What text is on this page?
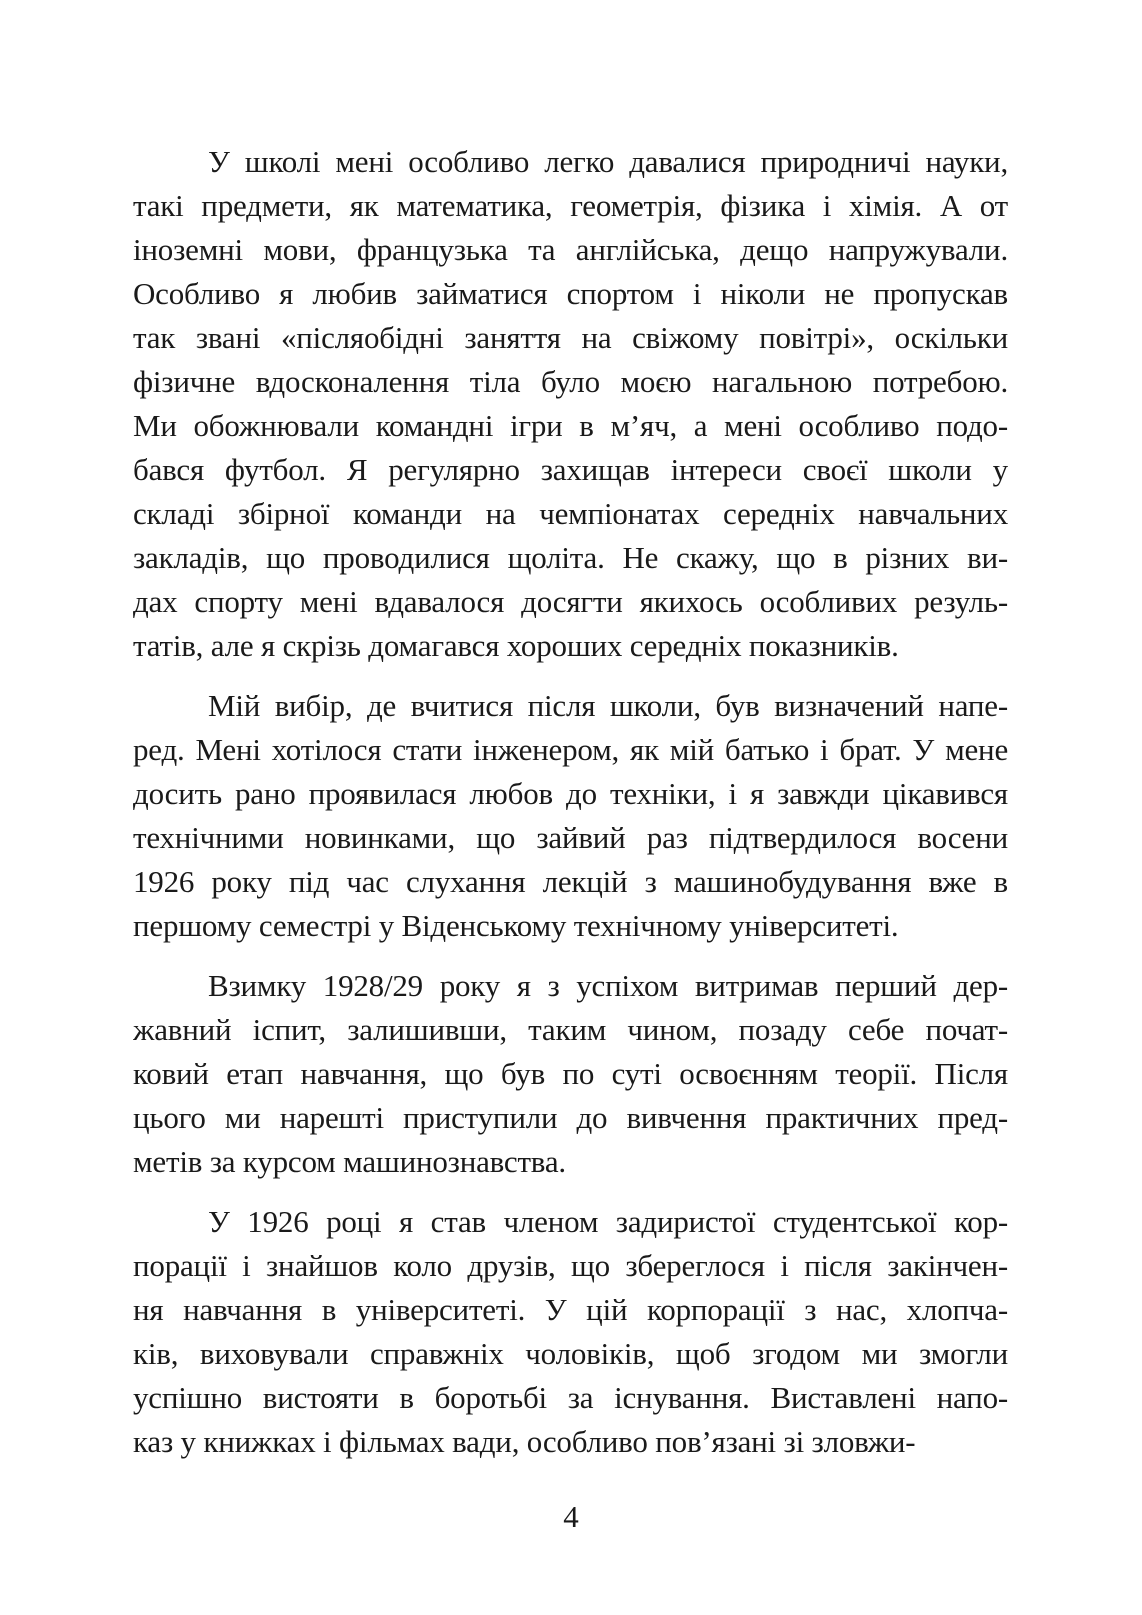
У школі мені особливо легко давалися природничі науки,
такі предмети, як математика, геометрія, фізика і хімія. А от
іноземні мови, французька та англійська, дещо напружували.
Особливо я любив займатися спортом і ніколи не пропускав
так звані «післяобідні заняття на свіжому повітрі», оскільки
фізичне вдосконалення тіла було моєю нагальною потребою.
Ми обожнювали командні ігри в м’яч, а мені особливо подо-
бався футбол. Я регулярно захищав інтереси своєї школи у
складі збірної команди на чемпіонатах середніх навчальних
закладів, що проводилися щоліта. Не скажу, що в різних ви-
дах спорту мені вдавалося досягти якихось особливих резуль-
татів, але я скрізь домагався хороших середніх показників.
Мій вибір, де вчитися після школи, був визначений напе-
ред. Мені хотілося стати інженером, як мій батько і брат. У мене
досить рано проявилася любов до техніки, і я завжди цікавився
технічними новинками, що зайвий раз підтвердилося восени
1926 року під час слухання лекцій з машинобудування вже в
першому семестрі у Віденському технічному університеті.
Взимку 1928/29 року я з успіхом витримав перший дер-
жавний іспит, залишивши, таким чином, позаду себе почат-
ковий етап навчання, що був по суті освоєнням теорії. Після
цього ми нарешті приступили до вивчення практичних пред-
метів за курсом машинознавства.
У 1926 році я став членом задиристої студентської кор-
порації і знайшов коло друзів, що збереглося і після закінчен-
ня навчання в університеті. У цій корпорації з нас, хлопча-
ків, виховували справжніх чоловіків, щоб згодом ми змогли
успішно вистояти в боротьбі за існування. Виставлені напо-
каз у книжках і фільмах вади, особливо пов’язані зі зловжи-
4
